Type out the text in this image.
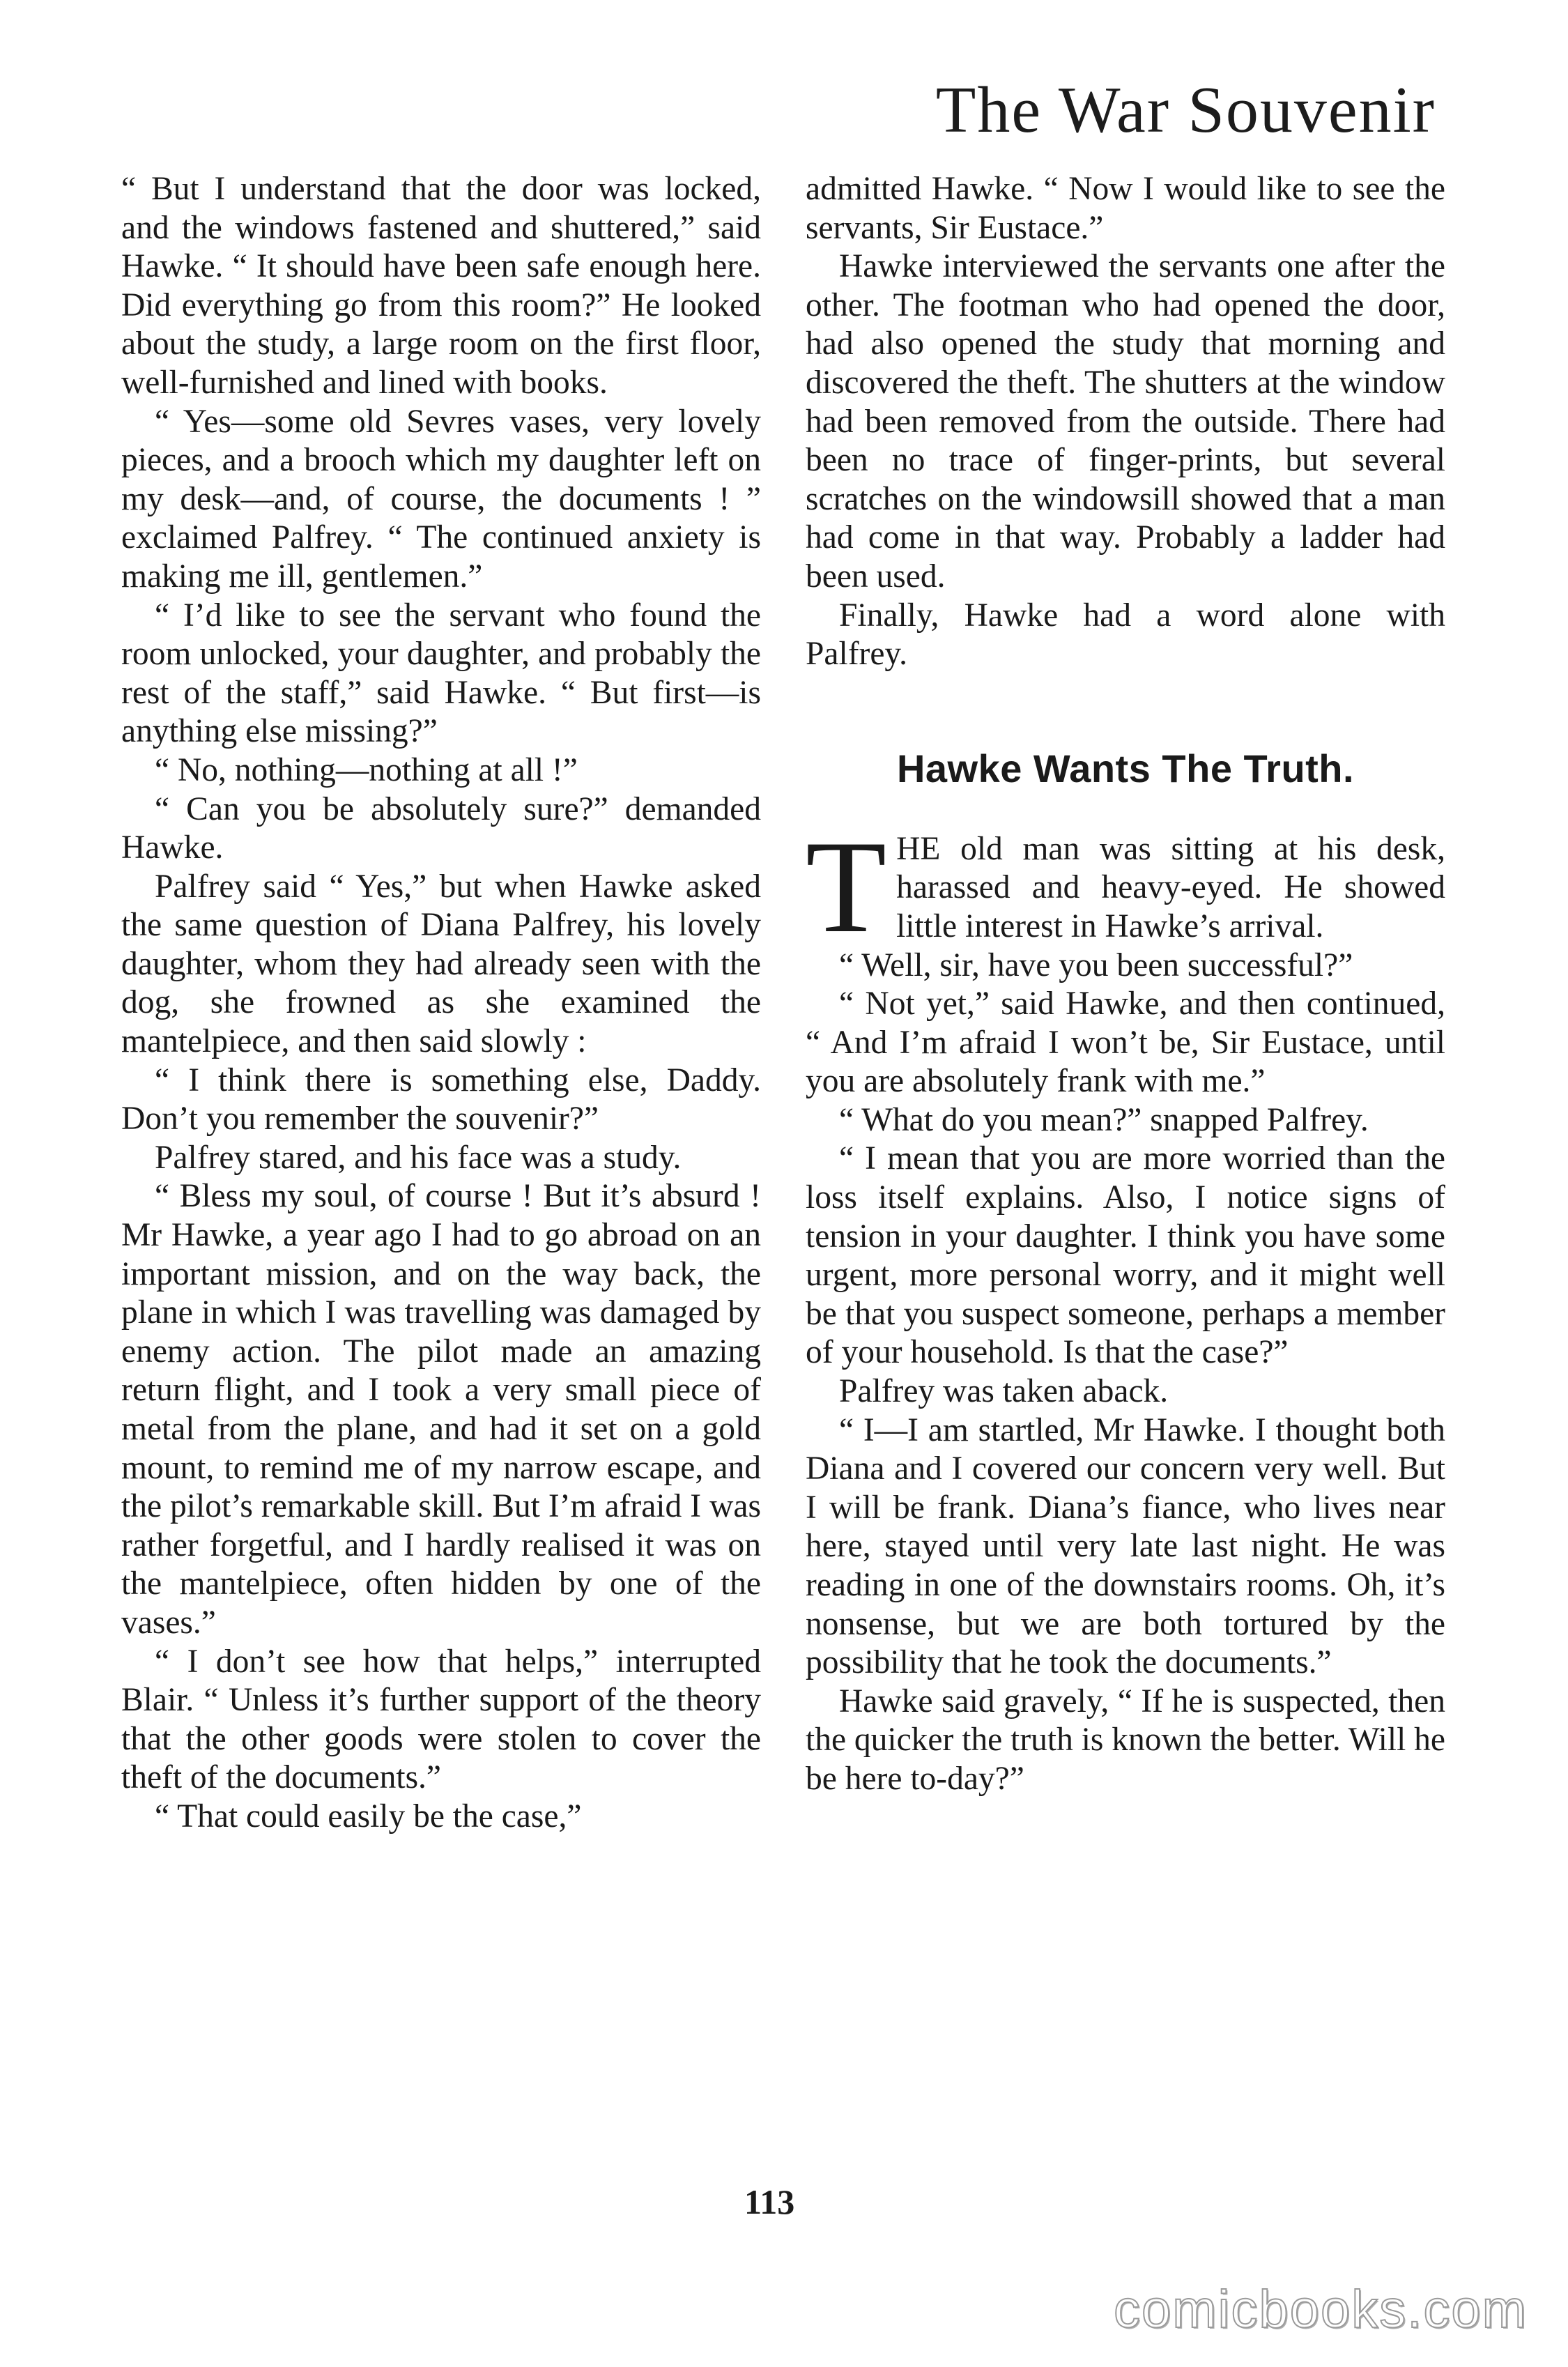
The War Souvenir

“ But I understand that the door was locked, and the windows fastened and shuttered,” said Hawke. “ It should have been safe enough here. Did everything go from this room?” He looked about the study, a large room on the first floor, well-furnished and lined with books.

“ Yes—some old Sevres vases, very lovely pieces, and a brooch which my daughter left on my desk—and, of course, the documents ! ” exclaimed Palfrey. “ The continued anxiety is making me ill, gentlemen.”

“ I’d like to see the servant who found the room unlocked, your daughter, and probably the rest of the staff,” said Hawke. “ But first—is anything else missing?”

“ No, nothing—nothing at all !”

“ Can you be absolutely sure?” demanded Hawke.

Palfrey said “ Yes,” but when Hawke asked the same question of Diana Palfrey, his lovely daughter, whom they had already seen with the dog, she frowned as she examined the mantelpiece, and then said slowly :

“ I think there is something else, Daddy. Don’t you remember the souvenir?”

Palfrey stared, and his face was a study.

“ Bless my soul, of course ! But it’s absurd ! Mr Hawke, a year ago I had to go abroad on an important mission, and on the way back, the plane in which I was travelling was damaged by enemy action. The pilot made an amazing return flight, and I took a very small piece of metal from the plane, and had it set on a gold mount, to remind me of my narrow escape, and the pilot’s remarkable skill. But I’m afraid I was rather forgetful, and I hardly realised it was on the mantelpiece, often hidden by one of the vases.”

“ I don’t see how that helps,” interrupted Blair. “ Unless it’s further support of the theory that the other goods were stolen to cover the theft of the documents.”

“ That could easily be the case,”

admitted Hawke. “ Now I would like to see the servants, Sir Eustace.”

Hawke interviewed the servants one after the other. The footman who had opened the door, had also opened the study that morning and discovered the theft. The shutters at the window had been removed from the outside. There had been no trace of finger-prints, but several scratches on the windowsill showed that a man had come in that way. Probably a ladder had been used.

Finally, Hawke had a word alone with Palfrey.

Hawke Wants The Truth.

THE old man was sitting at his desk, harassed and heavy-eyed. He showed little interest in Hawke’s arrival.

“ Well, sir, have you been successful?”

“ Not yet,” said Hawke, and then continued, “ And I’m afraid I won’t be, Sir Eustace, until you are absolutely frank with me.”

“ What do you mean?” snapped Palfrey.

“ I mean that you are more worried than the loss itself explains. Also, I notice signs of tension in your daughter. I think you have some urgent, more personal worry, and it might well be that you suspect someone, perhaps a member of your household. Is that the case?”

Palfrey was taken aback.

“ I—I am startled, Mr Hawke. I thought both Diana and I covered our concern very well. But I will be frank. Diana’s fiance, who lives near here, stayed until very late last night. He was reading in one of the downstairs rooms. Oh, it’s nonsense, but we are both tortured by the possibility that he took the documents.”

Hawke said gravely, “ If he is suspected, then the quicker the truth is known the better. Will he be here to-day?”

113
comicbooks.com
